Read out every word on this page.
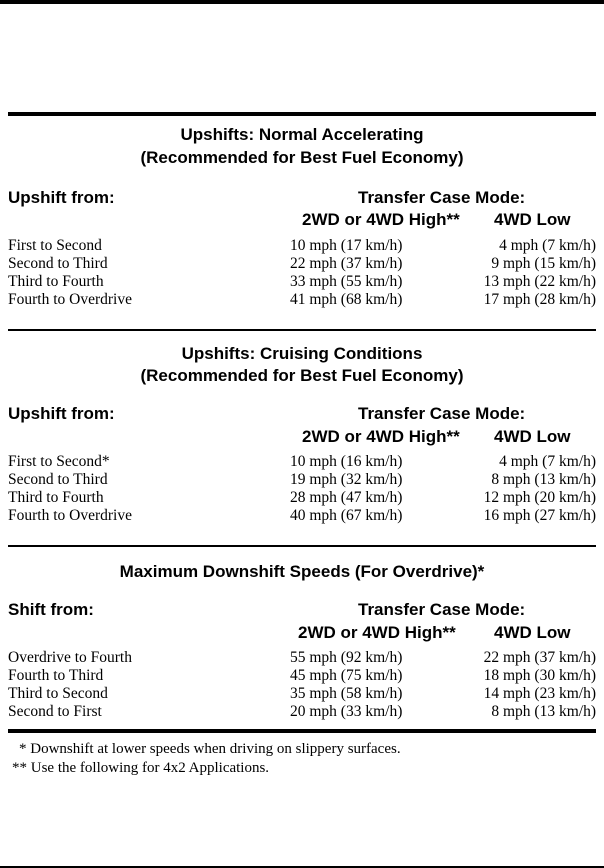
Upshifts: Normal Accelerating
(Recommended for Best Fuel Economy)
Upshift from:	Transfer Case Mode:
2WD or 4WD High** 4WD Low
First to Second	10 mph (17 km/h)	4 mph (7 km/h)
Second to Third	22 mph (37 km/h)	9 mph (15 km/h)
Third to Fourth	33 mph (55 km/h)	13 mph (22 km/h)
Fourth to Overdrive	41 mph (68 km/h)	17 mph (28 km/h)
Upshifts: Cruising Conditions
(Recommended for Best Fuel Economy)
Upshift from:	Transfer Case Mode:
2WD or 4WD High** 4WD Low
First to Second*	10 mph (16 km/h)	4 mph (7 km/h)
Second to Third	19 mph (32 km/h)	8 mph (13 km/h)
Third to Fourth	28 mph (47 km/h)	12 mph (20 km/h)
Fourth to Overdrive	40 mph (67 km/h)	16 mph (27 km/h)
Maximum Downshift Speeds (For Overdrive)*
Shift from:	Transfer Case Mode:
2WD or 4WD High** 4WD Low
Overdrive to Fourth	55 mph (92 km/h)	22 mph (37 km/h)
Fourth to Third	45 mph (75 km/h)	18 mph (30 km/h)
Third to Second	35 mph (58 km/h)	14 mph (23 km/h)
Second to First	20 mph (33 km/h)	8 mph (13 km/h)
* Downshift at lower speeds when driving on slippery surfaces.
** Use the following for 4x2 Applications.
